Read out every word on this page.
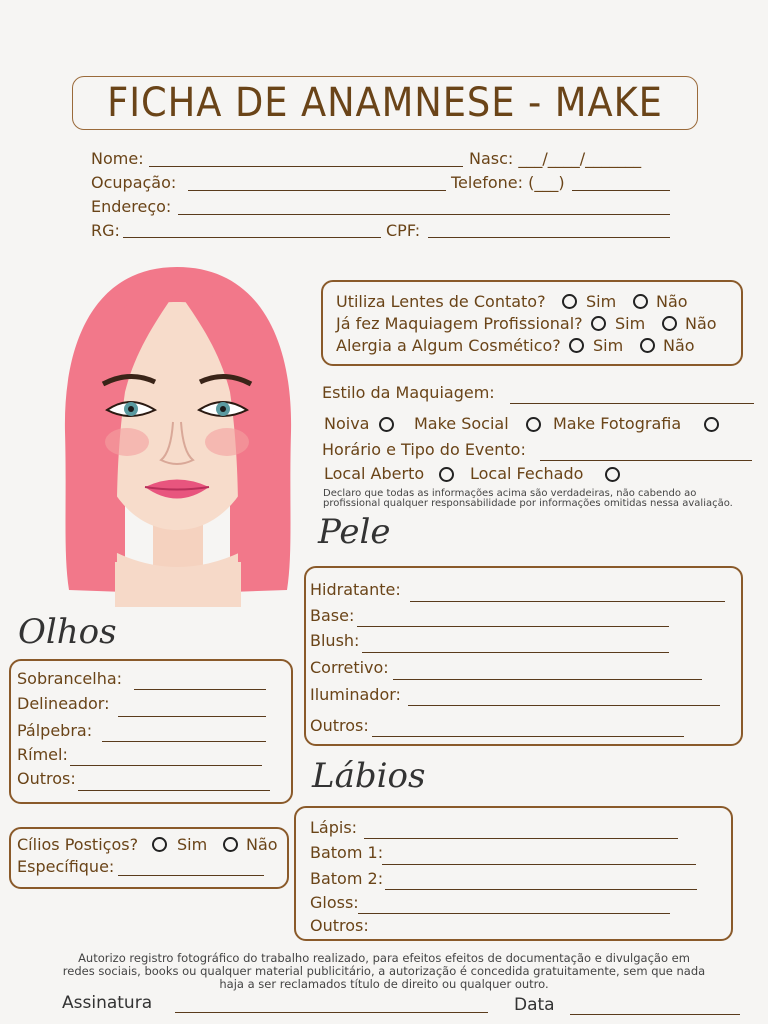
FICHA DE ANAMNESE - MAKE
Nome:	Nasc: ___/____/_______
Ocupação:	Telefone: (___)
Endereço:
RG:	CPF:
Utiliza Lentes de Contato?	Sim Não
Já fez Maquiagem Profissional? Sim Não
Alergia a Algum Cosmético? Sim Não
Estilo da Maquiagem:
Noiva	Make Social	Make Fotografia
Horário e Tipo do Evento:
Local Aberto	Local Fechado
Declaro que todas as informações acima são verdadeiras, não cabendo ao
profissional qualquer responsabilidade por informações omitidas nessa avaliação.
Pele
Hidratante:
Base:
Blush:
Corretivo:
Iluminador:
Outros:
Olhos
Sobrancelha:
Delineador:
Pálpebra:
Rímel:
Outros:
Cílios Postiços? Sim Não
Específique:
Lábios
Lápis:
Batom 1:
Batom 2:
Gloss:
Outros:
Autorizo registro fotográfico do trabalho realizado, para efeitos efeitos de documentação e divulgação em
redes sociais, books ou qualquer material publicitário, a autorização é concedida gratuitamente, sem que nada
haja a ser reclamados título de direito ou qualquer outro.
Assinatura	Data
